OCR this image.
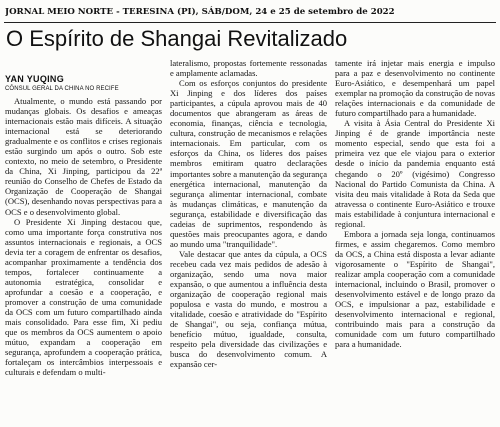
JORNAL MEIO NORTE - TERESINA (PI), SÁB/DOM, 24 e 25 de setembro de 2022
O Espírito de Shangai Revitalizado
YAN YUQING
CÔNSUL GERAL DA CHINA NO RECIFE

Atualmente, o mundo está passando por mudanças globais. Os desafios e ameaças internacionais estão mais difíceis. A situação internacional está se deteriorando gradualmente e os conflitos e crises regionais estão surgindo um após o outro. Sob este contexto, no meio de setembro, o Presidente da China, Xi Jinping, participou da 22ª reunião do Conselho de Chefes de Estado da Organização de Cooperação de Shangai (OCS), desenhando novas perspectivas para a OCS e o desenvolvimento global.

O Presidente Xi Jinping destacou que, como uma importante força construtiva nos assuntos internacionais e regionais, a OCS devia ter a coragem de enfrentar os desafios, acompanhar proximamente a tendência dos tempos, fortalecer continuamente a autonomia estratégica, consolidar e aprofundar a coesão e a cooperação, e promover a construção de uma comunidade da OCS com um futuro compartilhado ainda mais consolidado. Para esse fim, Xi pediu que os membros da OCS aumentem o apoio mútuo, expandam a cooperação em segurança, aprofundem a cooperação prática, fortaleçam os intercâmbios interpessoais e culturais e defendam o multi-

lateralismo, propostas fortemente ressonadas e amplamente aclamadas.

Com os esforços conjuntos do presidente Xi Jinping e dos líderes dos países participantes, a cúpula aprovou mais de 40 documentos que abrangeram as áreas de economia, finanças, ciência e tecnologia, cultura, construção de mecanismos e relações internacionais. Em particular, com os esforços da China, os líderes dos países membros emitiram quatro declarações importantes sobre a manutenção da segurança energética internacional, manutenção da segurança alimentar internacional, combate às mudanças climáticas, e manutenção da segurança, estabilidade e diversificação das cadeias de suprimentos, respondendo às questões mais preocupantes agora, e dando ao mundo uma "tranquilidade".

Vale destacar que antes da cúpula, a OCS recebeu cada vez mais pedidos de adesão à organização, sendo uma nova maior expansão, o que aumentou a influência desta organização de cooperação regional mais populosa e vasta do mundo, e mostrou a vitalidade, coesão e atratividade do "Espírito de Shangai", ou seja, confiança mútua, benefício mútuo, igualdade, consulta, respeito pela diversidade das civilizações e busca do desenvolvimento comum. A expansão cer-

tamente irá injetar mais energia e impulso para a paz e desenvolvimento no continente Euro-Asiático, e desempenhará um papel exemplar na promoção da construção de novas relações internacionais e da comunidade de futuro compartilhado para a humanidade.

A visita à Ásia Central do Presidente Xi Jinping é de grande importância neste momento especial, sendo que esta foi a primeira vez que ele viajou para o exterior desde o início da pandemia enquanto está chegando o 20º (vigésimo) Congresso Nacional do Partido Comunista da China. A visita deu mais vitalidade à Rota da Seda que atravessa o continente Euro-Asiático e trouxe mais estabilidade à conjuntura internacional e regional.

Embora a jornada seja longa, continuamos firmes, e assim chegaremos. Como membro da OCS, a China está disposta a levar adiante vigorosamente o "Espírito de Shangai", realizar ampla cooperação com a comunidade internacional, incluindo o Brasil, promover o desenvolvimento estável e de longo prazo da OCS, e impulsionar a paz, estabilidade e desenvolvimento internacional e regional, contribuindo mais para a construção da comunidade com um futuro compartilhado para a humanidade.
